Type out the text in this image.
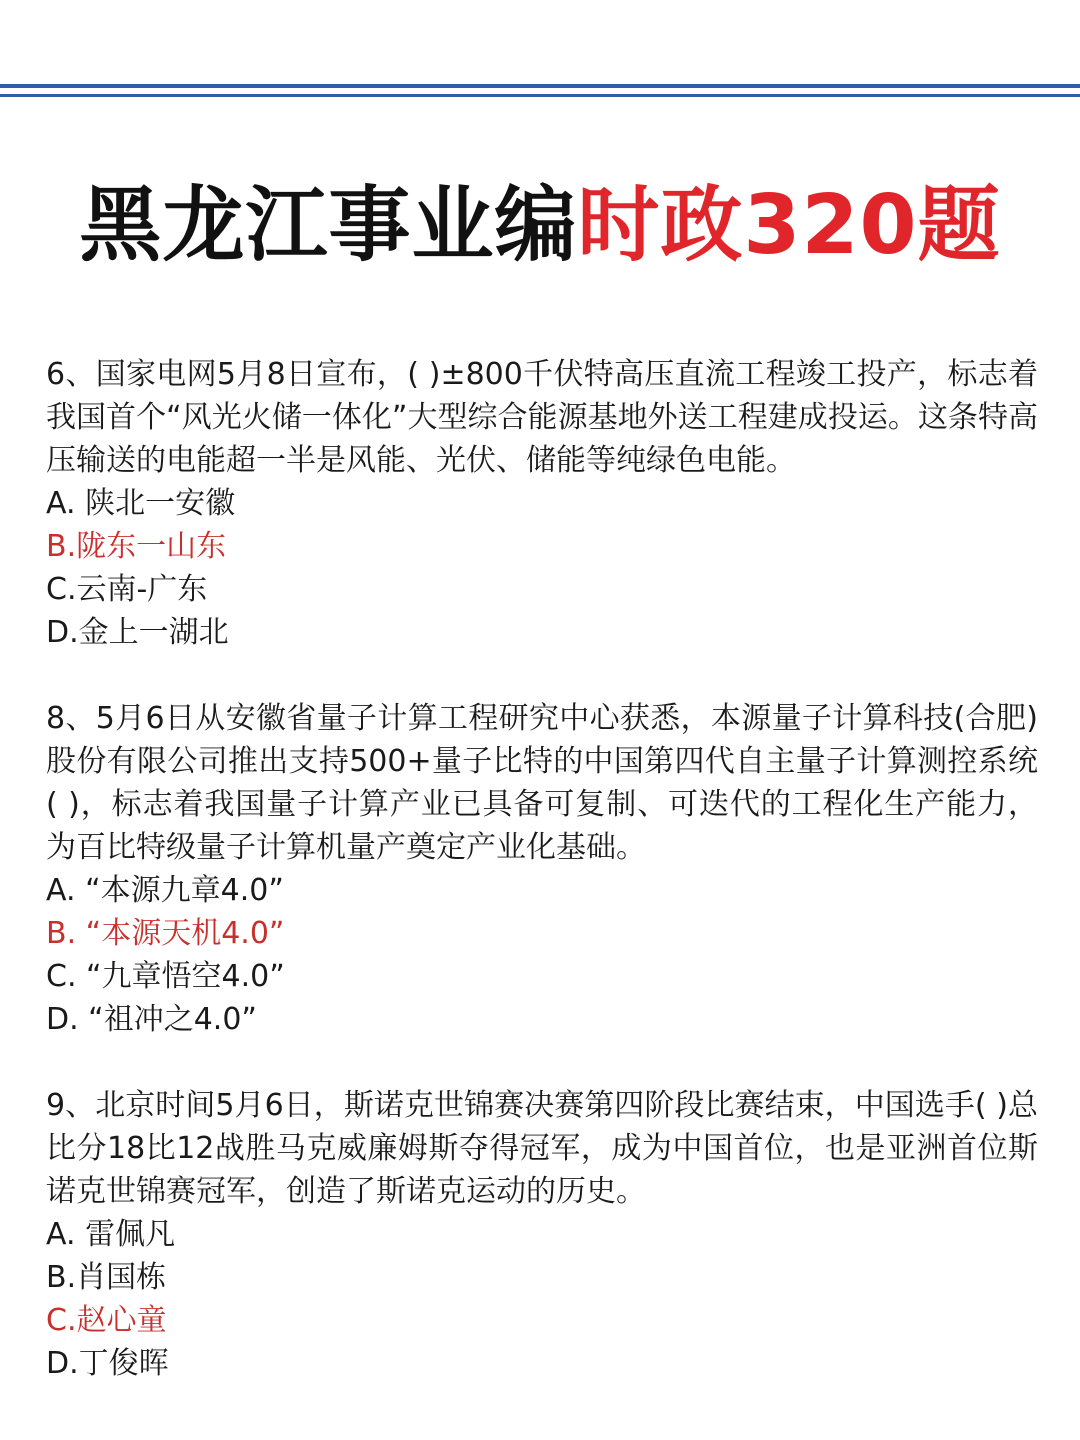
黑龙江事业编时政320题

6、国家电网5月8日宣布，( )±800千伏特高压直流工程竣工投产，标志着我国首个“风光火储一体化”大型综合能源基地外送工程建成投运。这条特高压输送的电能超一半是风能、光伏、储能等纯绿色电能。

A. 陕北一安徽

B.陇东一山东

C.云南-广东

D.金上一湖北

8、5月6日从安徽省量子计算工程研究中心获悉，本源量子计算科技(合肥)股份有限公司推出支持500+量子比特的中国第四代自主量子计算测控系统( )，标志着我国量子计算产业已具备可复制、可迭代的工程化生产能力，为百比特级量子计算机量产奠定产业化基础。

A. “本源九章4.0”

B. “本源天机4.0”

C. “九章悟空4.0”

D. “祖冲之4.0”

9、北京时间5月6日，斯诺克世锦赛决赛第四阶段比赛结束，中国选手( )总比分18比12战胜马克威廉姆斯夺得冠军，成为中国首位，也是亚洲首位斯诺克世锦赛冠军，创造了斯诺克运动的历史。

A. 雷佩凡

B.肖国栋

C.赵心童

D.丁俊晖
